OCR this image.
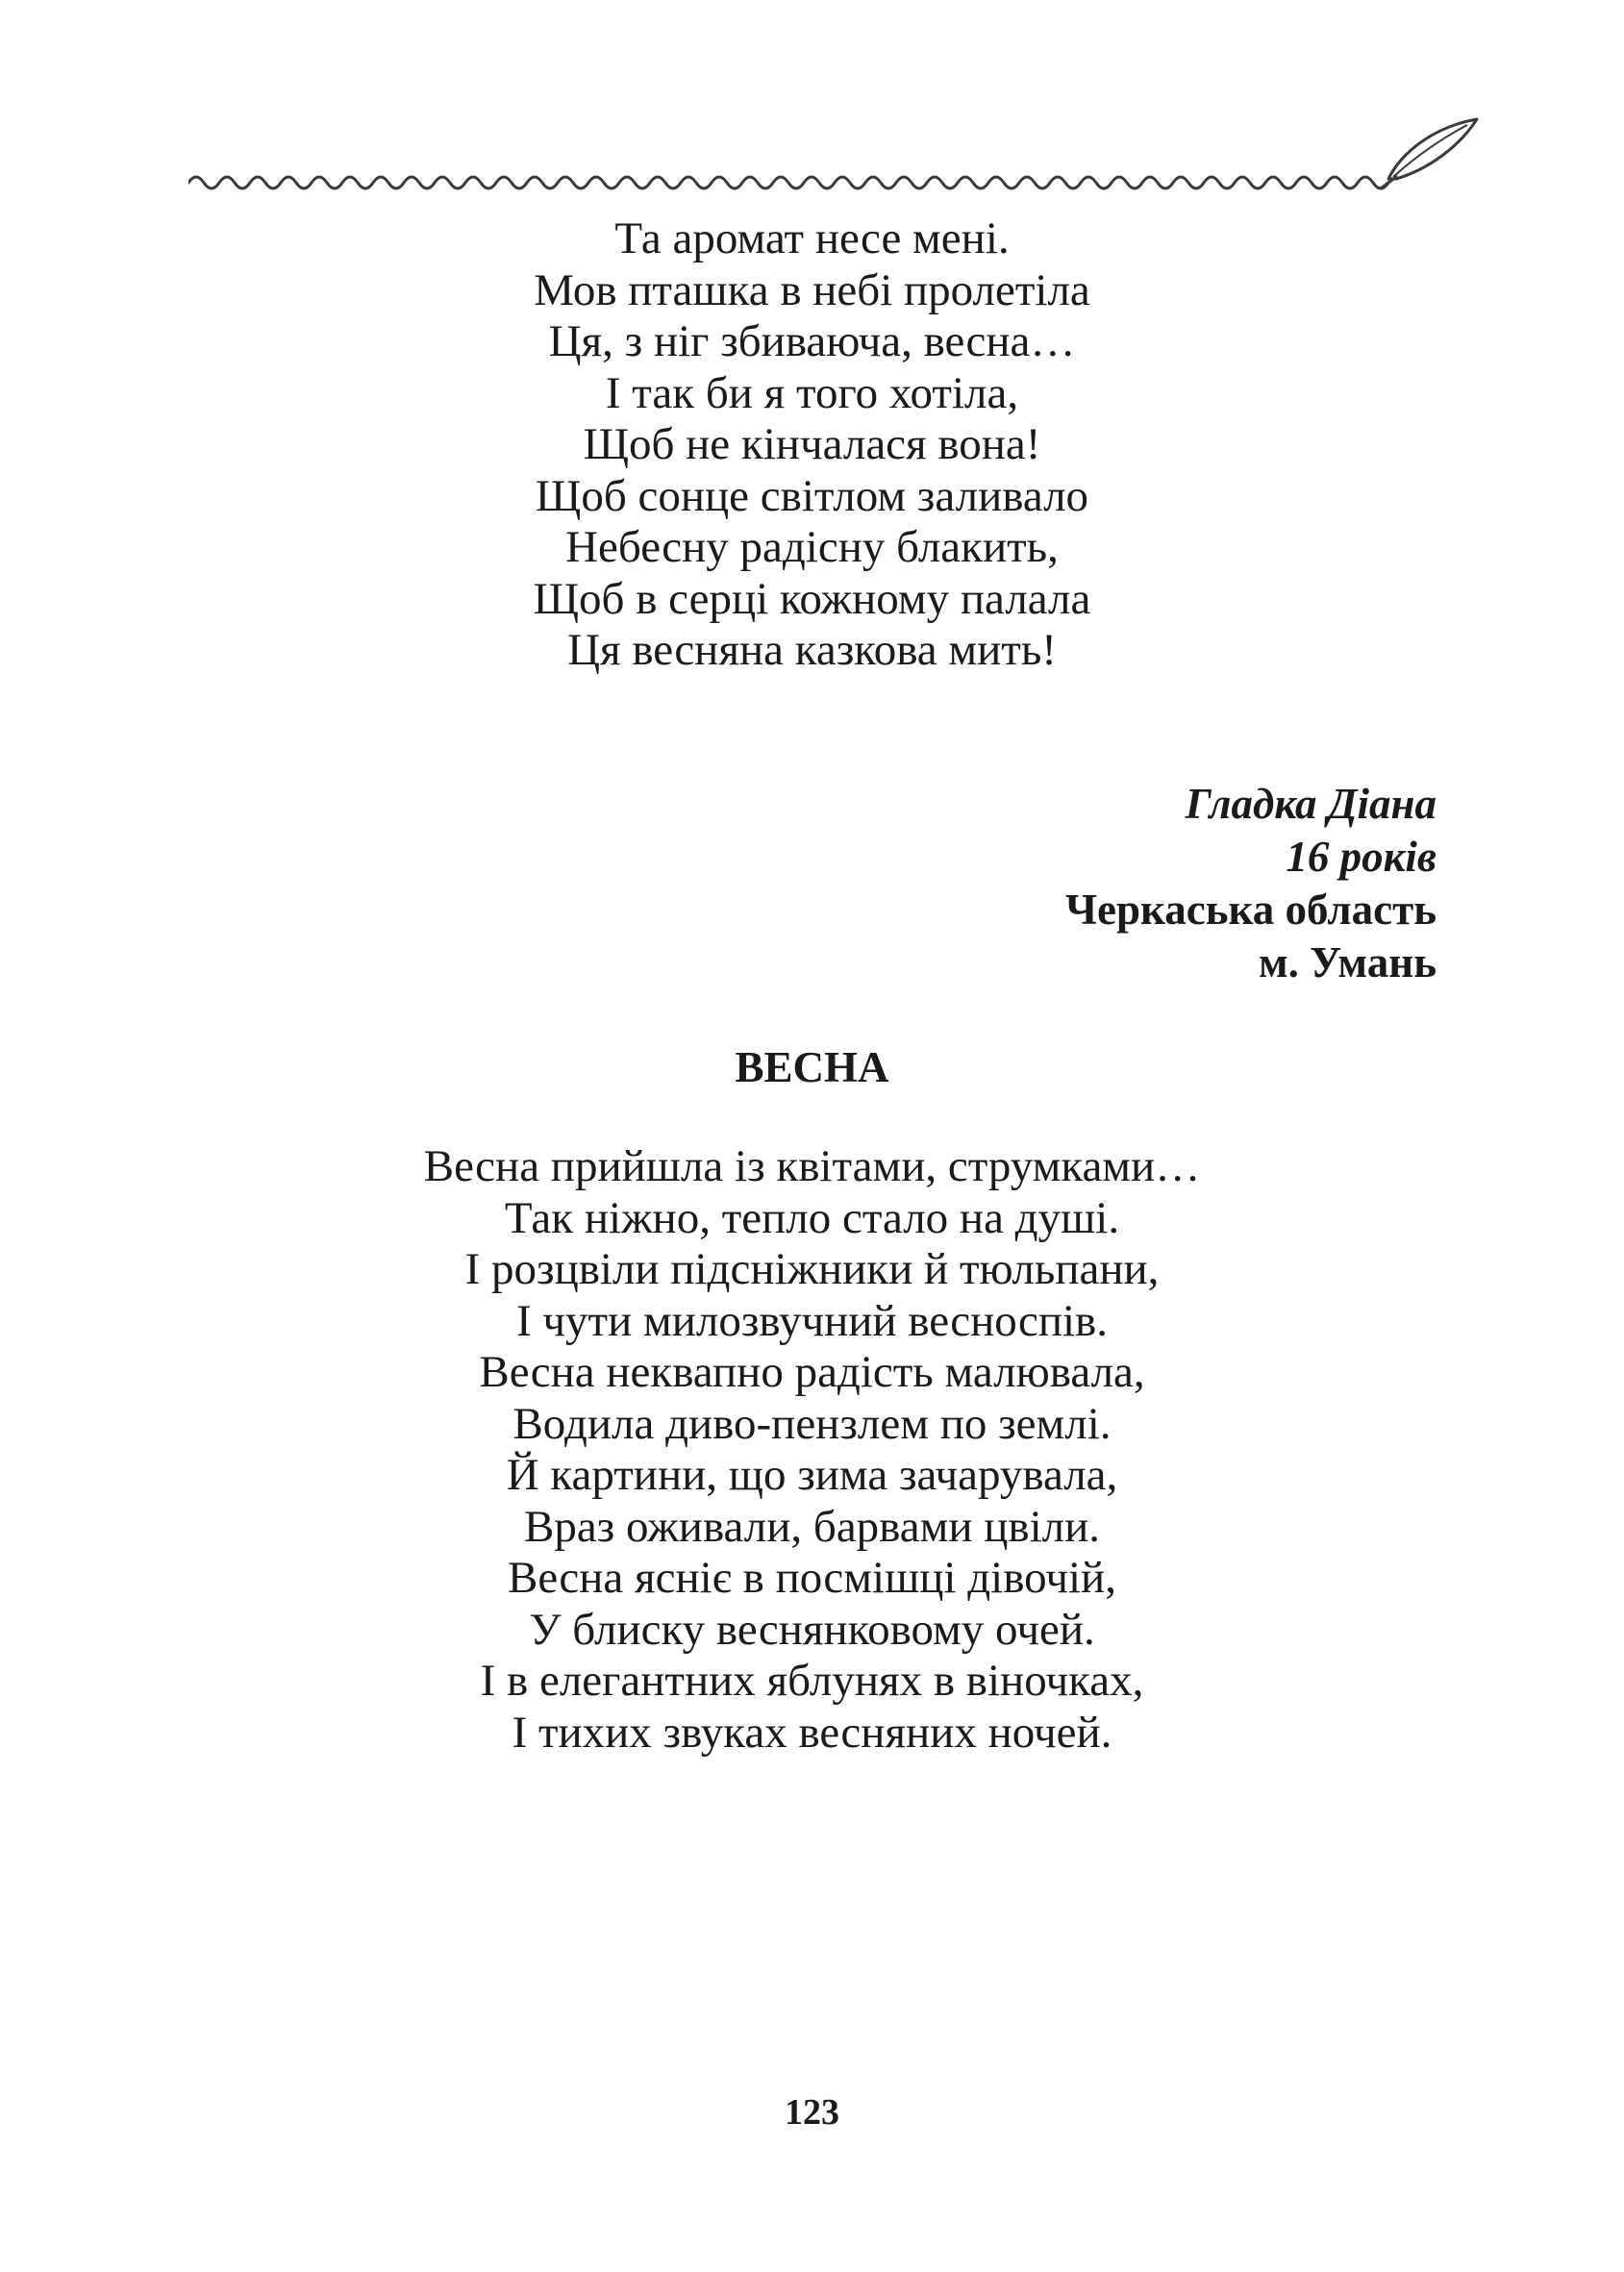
Та аромат несе мені.
Мов пташка в небі пролетіла
Ця, з ніг збиваюча, весна…
І так би я того хотіла,
Щоб не кінчалася вона!
Щоб сонце світлом заливало
Небесну радісну блакить,
Щоб в серці кожному палала
Ця весняна казкова мить!
Гладка Діана
16 років
Черкаська область
м. Умань
ВЕСНА
Весна прийшла із квітами, струмками…
Так ніжно, тепло стало на душі.
І розцвіли підсніжники й тюльпани,
І чути милозвучний весноспів.
Весна неквапно радість малювала,
Водила диво-пензлем по землі.
Й картини, що зима зачарувала,
Враз оживали, барвами цвіли.
Весна ясніє в посмішці дівочій,
У блиску веснянковому очей.
І в елегантних яблунях в віночках,
І тихих звуках весняних ночей.
123
